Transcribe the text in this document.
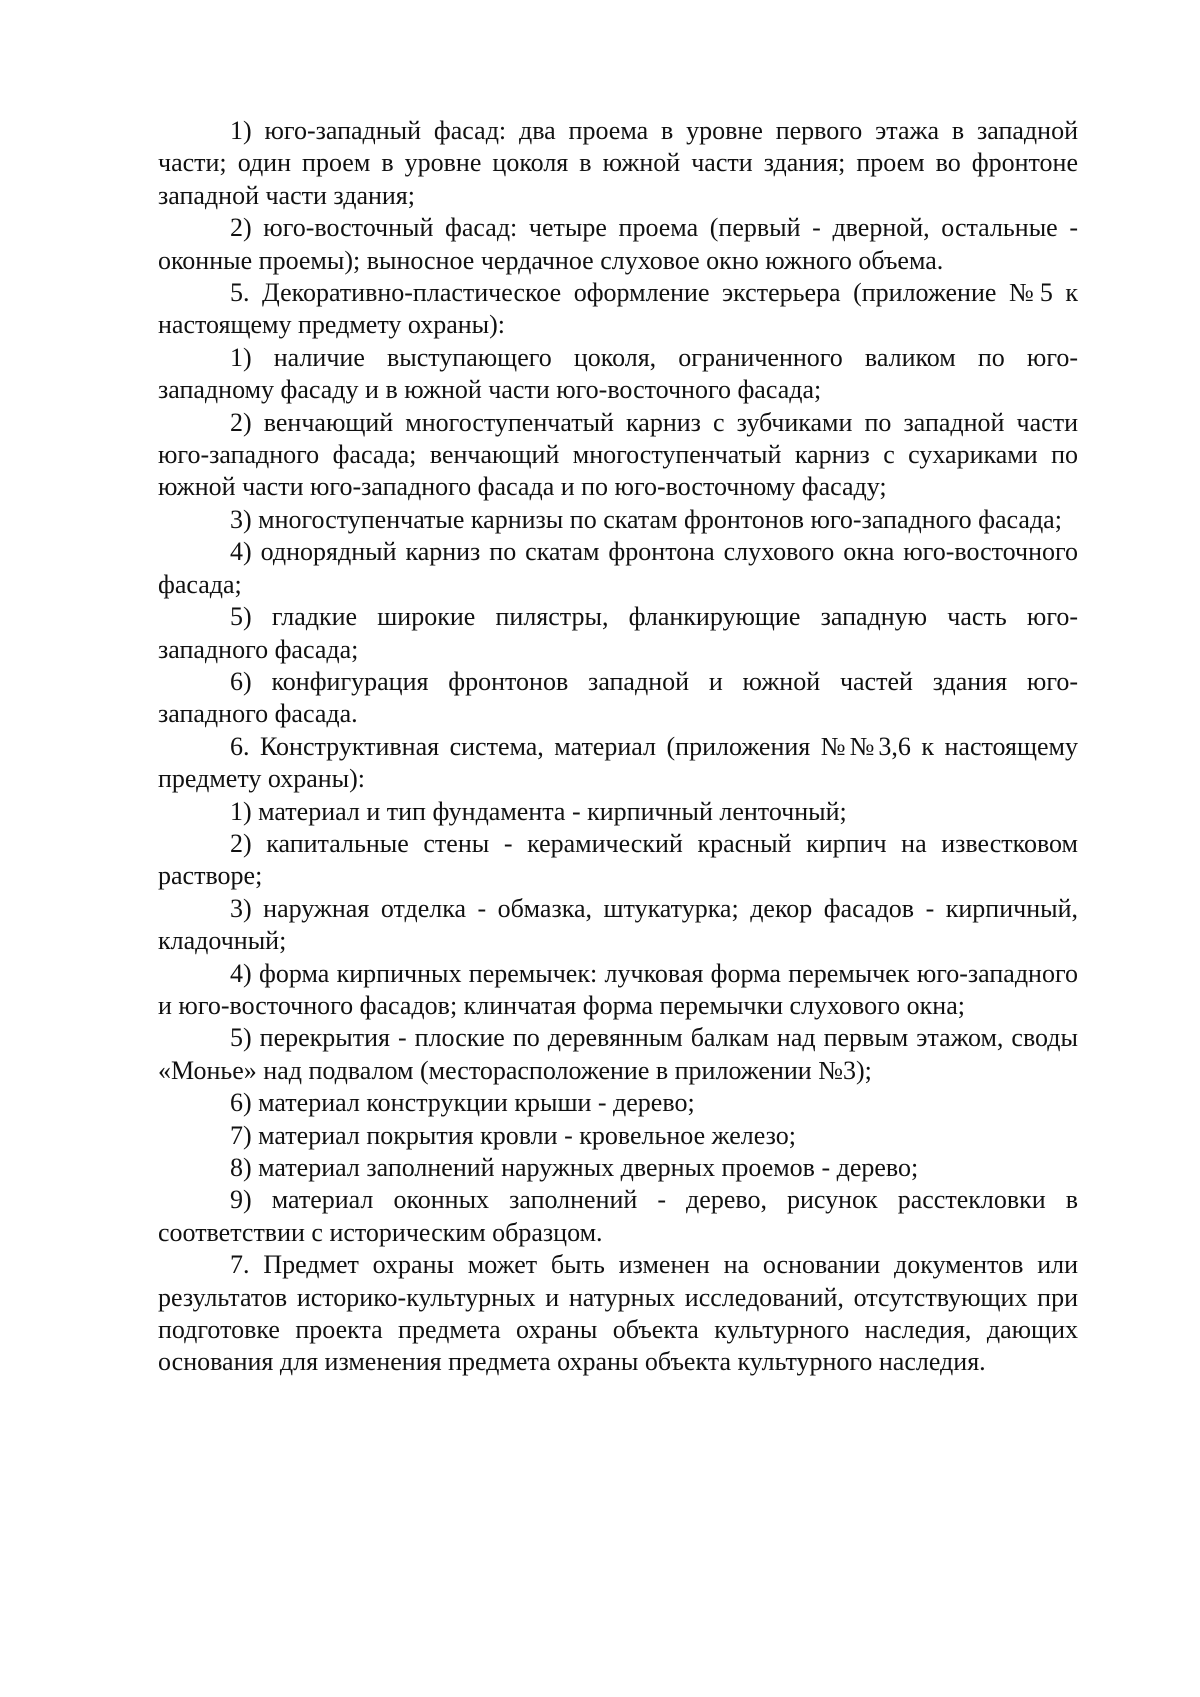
1) юго-западный фасад: два проема в уровне первого этажа в западной части; один проем в уровне цоколя в южной части здания; проем во фронтоне западной части здания;

2) юго-восточный фасад: четыре проема (первый - дверной, остальные - оконные проемы); выносное чердачное слуховое окно южного объема.

5. Декоративно-пластическое оформление экстерьера (приложение №5 к настоящему предмету охраны):

1) наличие выступающего цоколя, ограниченного валиком по юго-западному фасаду и в южной части юго-восточного фасада;

2) венчающий многоступенчатый карниз с зубчиками по западной части юго-западного фасада; венчающий многоступенчатый карниз с сухариками по южной части юго-западного фасада и по юго-восточному фасаду;

3) многоступенчатые карнизы по скатам фронтонов юго-западного фасада;

4) однорядный карниз по скатам фронтона слухового окна юго-восточного фасада;

5) гладкие широкие пилястры, фланкирующие западную часть юго-западного фасада;

6) конфигурация фронтонов западной и южной частей здания юго-западного фасада.

6. Конструктивная система, материал (приложения №№3,6 к настоящему предмету охраны):

1) материал и тип фундамента - кирпичный ленточный;

2) капитальные стены - керамический красный кирпич на известковом растворе;

3) наружная отделка - обмазка, штукатурка; декор фасадов - кирпичный, кладочный;

4) форма кирпичных перемычек: лучковая форма перемычек юго-западного и юго-восточного фасадов; клинчатая форма перемычки слухового окна;

5) перекрытия - плоские по деревянным балкам над первым этажом, своды «Монье» над подвалом (месторасположение в приложении №3);

6) материал конструкции крыши - дерево;

7) материал покрытия кровли - кровельное железо;

8) материал заполнений наружных дверных проемов - дерево;

9) материал оконных заполнений - дерево, рисунок расстекловки в соответствии с историческим образцом.

7. Предмет охраны может быть изменен на основании документов или результатов историко-культурных и натурных исследований, отсутствующих при подготовке проекта предмета охраны объекта культурного наследия, дающих основания для изменения предмета охраны объекта культурного наследия.
